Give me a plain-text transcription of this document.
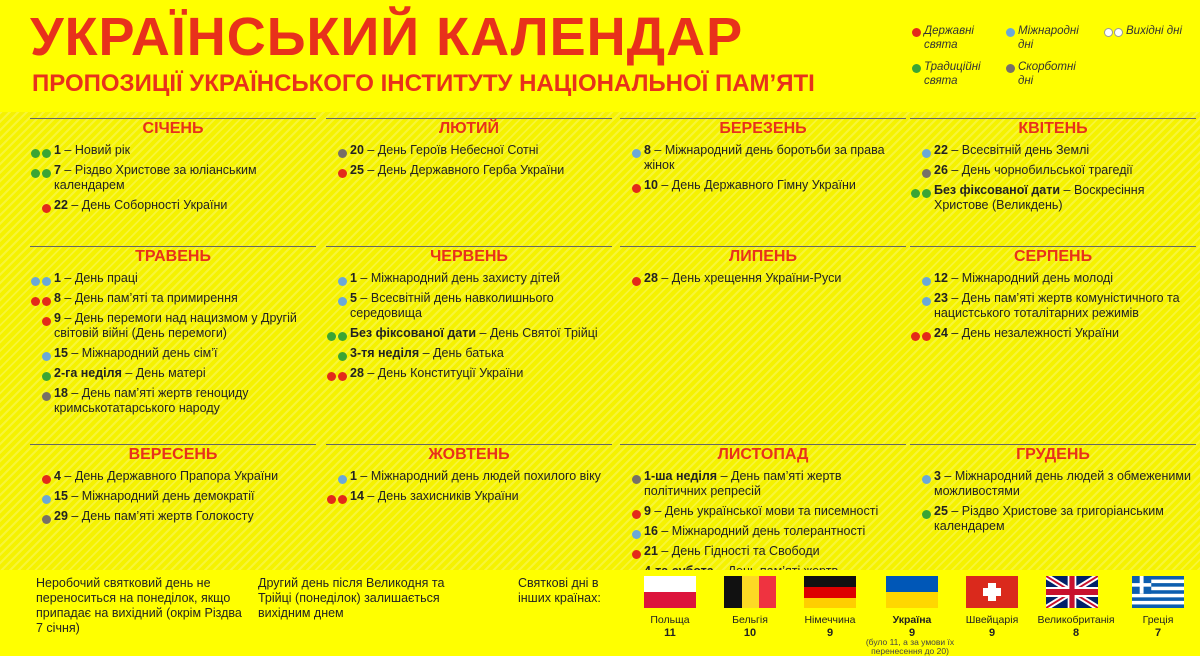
УКРАЇНСЬКИЙ КАЛЕНДАР
ПРОПОЗИЦІЇ УКРАЇНСЬКОГО ІНСТИТУТУ НАЦІОНАЛЬНОЇ ПАМ’ЯТІ
Державні свята
Міжнародні дні
Вихідні дні
Традиційні свята
Скорботні дні
СІЧЕНЬ
1 – Новий рік
7 – Різдво Христове за юліанським календарем
22 – День Соборності України
ЛЮТИЙ
20 – День Героїв Небесної Сотні
25 – День Державного Герба України
БЕРЕЗЕНЬ
8 – Міжнародний день боротьби за права жінок
10 – День Державного Гімну України
КВІТЕНЬ
22 – Всесвітній день Землі
26 – День чорнобильської трагедії
Без фіксованої дати – Воскресіння Христове (Великдень)
ТРАВЕНЬ
1 – День праці
8 – День пам’яті та примирення
9 – День перемоги над нацизмом у Другій світовій війні (День перемоги)
15 – Міжнародний день сім’ї
2-га неділя – День матері
18 – День пам’яті жертв геноциду кримськотатарського народу
ЧЕРВЕНЬ
1 – Міжнародний день захисту дітей
5 – Всесвітній день навколишнього середовища
Без фіксованої дати – День Святої Трійці
3-тя неділя – День батька
28 – День Конституції України
ЛИПЕНЬ
28 – День хрещення України-Руси
СЕРПЕНЬ
12 – Міжнародний день молоді
23 – День пам’яті жертв комуністичного та нацистського тоталітарних режимів
24 – День незалежності України
ВЕРЕСЕНЬ
4 – День Державного Прапора України
15 – Міжнародний день демократії
29 – День пам’яті жертв Голокосту
ЖОВТЕНЬ
1 – Міжнародний день людей похилого віку
14 – День захисників України
ЛИСТОПАД
1-ша неділя – День пам’яті жертв політичних репресій
9 – День української мови та писемності
16 – Міжнародний день толерантності
21 – День Гідності та Свободи
ГРУДЕНЬ
3 – Міжнародний день людей з обмеженими можливостями
25 – Різдво Христове за григоріанським календарем
Неробочий святковий день не переноситься на понеділок, якщо припадає на вихідний (окрім Різдва 7 січня)
Другий день після Великодня та Трійці (понеділок) залишається вихідним днем
Святкові дні в інших країнах:
Польща
11
Бельгія
10
Німеччина
9
Україна
9
Швейцарія
9
Великобританія
8
Греція
7
(було 11, а за умови їх перенесення до 20)
